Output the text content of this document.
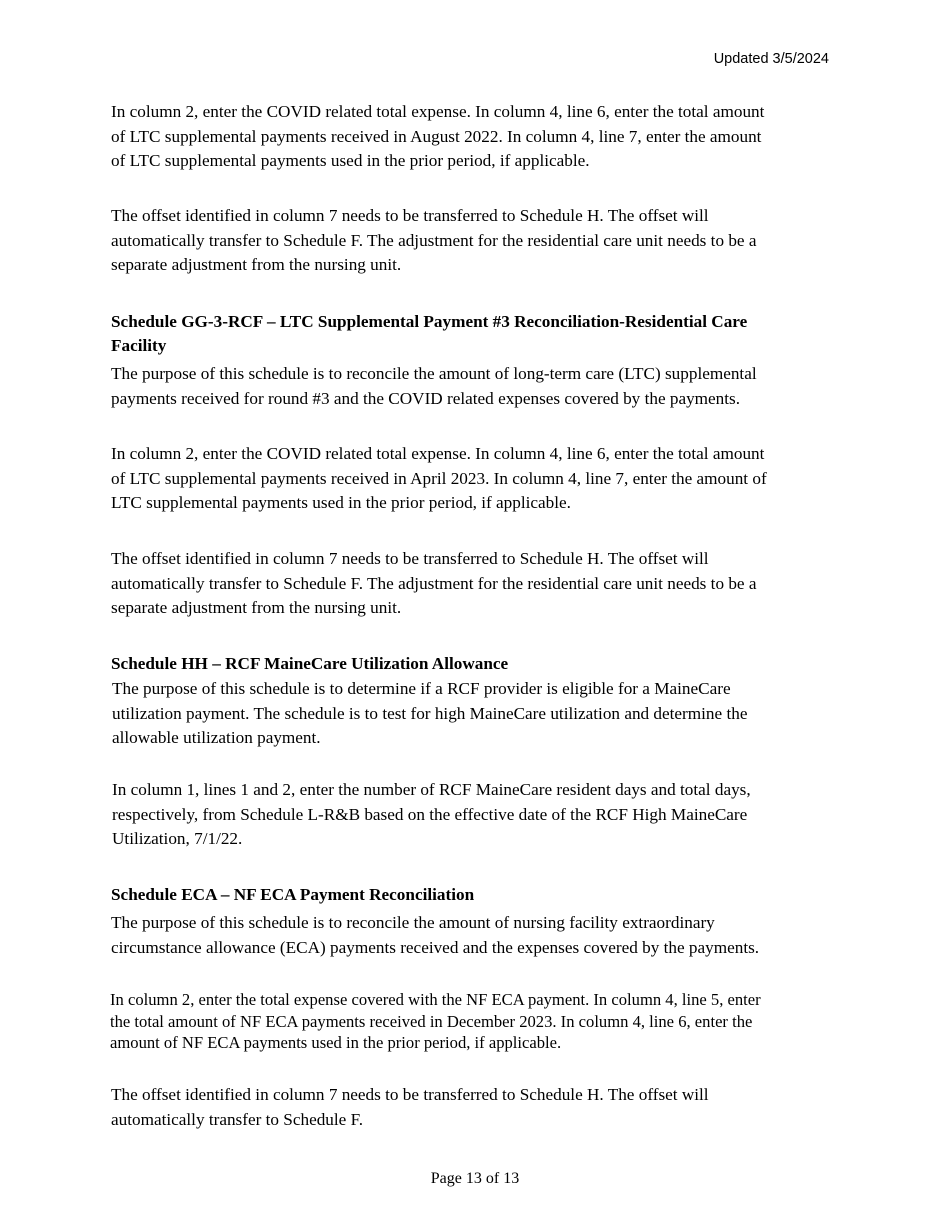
Updated 3/5/2024

In column 2, enter the COVID related total expense. In column 4, line 6, enter the total amount
of LTC supplemental payments received in August 2022. In column 4, line 7, enter the amount
of LTC supplemental payments used in the prior period, if applicable.

The offset identified in column 7 needs to be transferred to Schedule H. The offset will
automatically transfer to Schedule F. The adjustment for the residential care unit needs to be a
separate adjustment from the nursing unit.

Schedule GG-3-RCF – LTC Supplemental Payment #3 Reconciliation-Residential Care
Facility

The purpose of this schedule is to reconcile the amount of long-term care (LTC) supplemental
payments received for round #3 and the COVID related expenses covered by the payments.

In column 2, enter the COVID related total expense. In column 4, line 6, enter the total amount
of LTC supplemental payments received in April 2023. In column 4, line 7, enter the amount of
LTC supplemental payments used in the prior period, if applicable.

The offset identified in column 7 needs to be transferred to Schedule H. The offset will
automatically transfer to Schedule F. The adjustment for the residential care unit needs to be a
separate adjustment from the nursing unit.

Schedule HH – RCF MaineCare Utilization Allowance

The purpose of this schedule is to determine if a RCF provider is eligible for a MaineCare
utilization payment. The schedule is to test for high MaineCare utilization and determine the
allowable utilization payment.

In column 1, lines 1 and 2, enter the number of RCF MaineCare resident days and total days,
respectively, from Schedule L-R&B based on the effective date of the RCF High MaineCare
Utilization, 7/1/22.

Schedule ECA – NF ECA Payment Reconciliation

The purpose of this schedule is to reconcile the amount of nursing facility extraordinary
circumstance allowance (ECA) payments received and the expenses covered by the payments.

In column 2, enter the total expense covered with the NF ECA payment. In column 4, line 5, enter
the total amount of NF ECA payments received in December 2023. In column 4, line 6, enter the
amount of NF ECA payments used in the prior period, if applicable.

The offset identified in column 7 needs to be transferred to Schedule H. The offset will
automatically transfer to Schedule F.

Page 13 of 13
